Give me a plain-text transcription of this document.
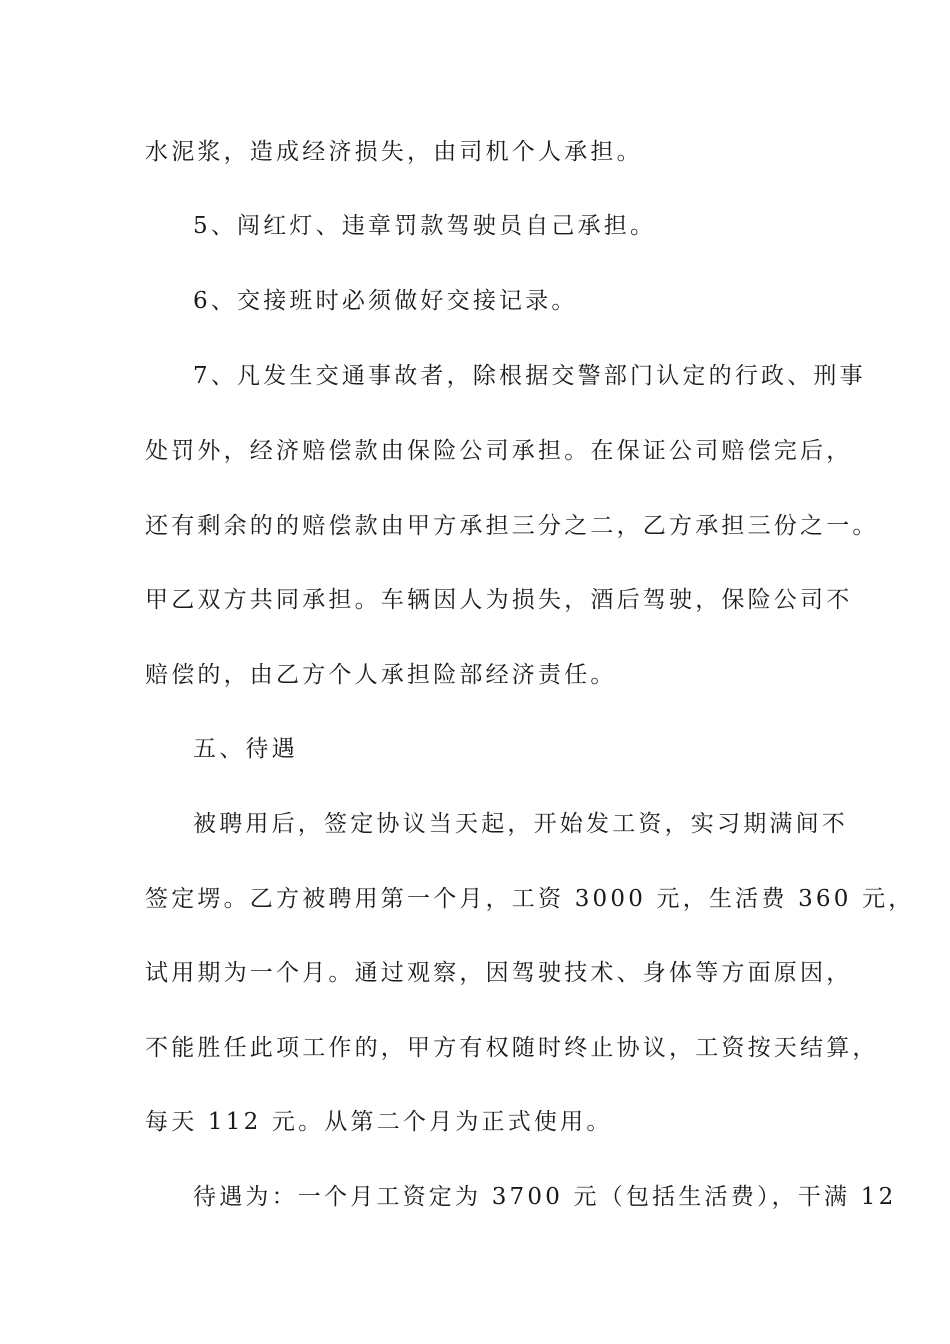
水泥浆，造成经济损失，由司机个人承担。
5、闯红灯、违章罚款驾驶员自己承担。
6、交接班时必须做好交接记录。
7、凡发生交通事故者，除根据交警部门认定的行政、刑事
处罚外，经济赔偿款由保险公司承担。在保证公司赔偿完后，
还有剩余的的赔偿款由甲方承担三分之二，乙方承担三份之一。
甲乙双方共同承担。车辆因人为损失，酒后驾驶，保险公司不
赔偿的，由乙方个人承担险部经济责任。
五、待遇
被聘用后，签定协议当天起，开始发工资，实习期满间不
签定塄。乙方被聘用第一个月，工资 3000 元，生活费 360 元，
试用期为一个月。通过观察，因驾驶技术、身体等方面原因，
不能胜任此项工作的，甲方有权随时终止协议，工资按天结算，
每天 112 元。从第二个月为正式使用。
待遇为：一个月工资定为 3700 元（包括生活费），干满 12
